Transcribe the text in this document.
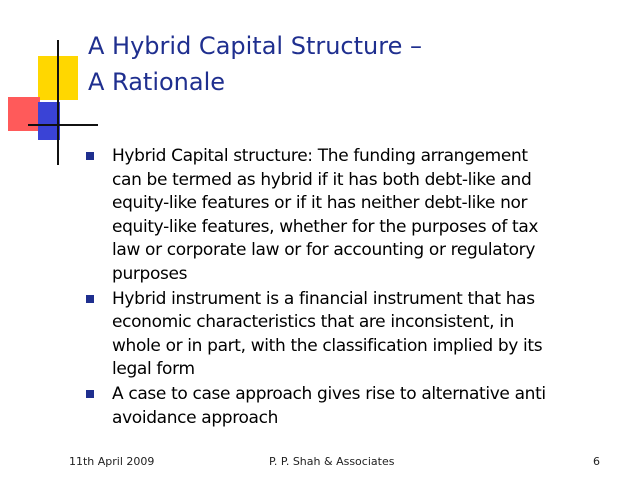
A Hybrid Capital Structure –
A Rationale
Hybrid Capital structure: The funding arrangement
can be termed as hybrid if it has both debt-like and
equity-like features or if it has neither debt-like nor
equity-like features, whether for the purposes of tax
law or corporate law or for accounting or regulatory
purposes
Hybrid instrument is a financial instrument that has
economic characteristics that are inconsistent, in
whole or in part, with the classification implied by its
legal form
A case to case approach gives rise to alternative anti
avoidance approach
11th April 2009	P. P. Shah & Associates	6
